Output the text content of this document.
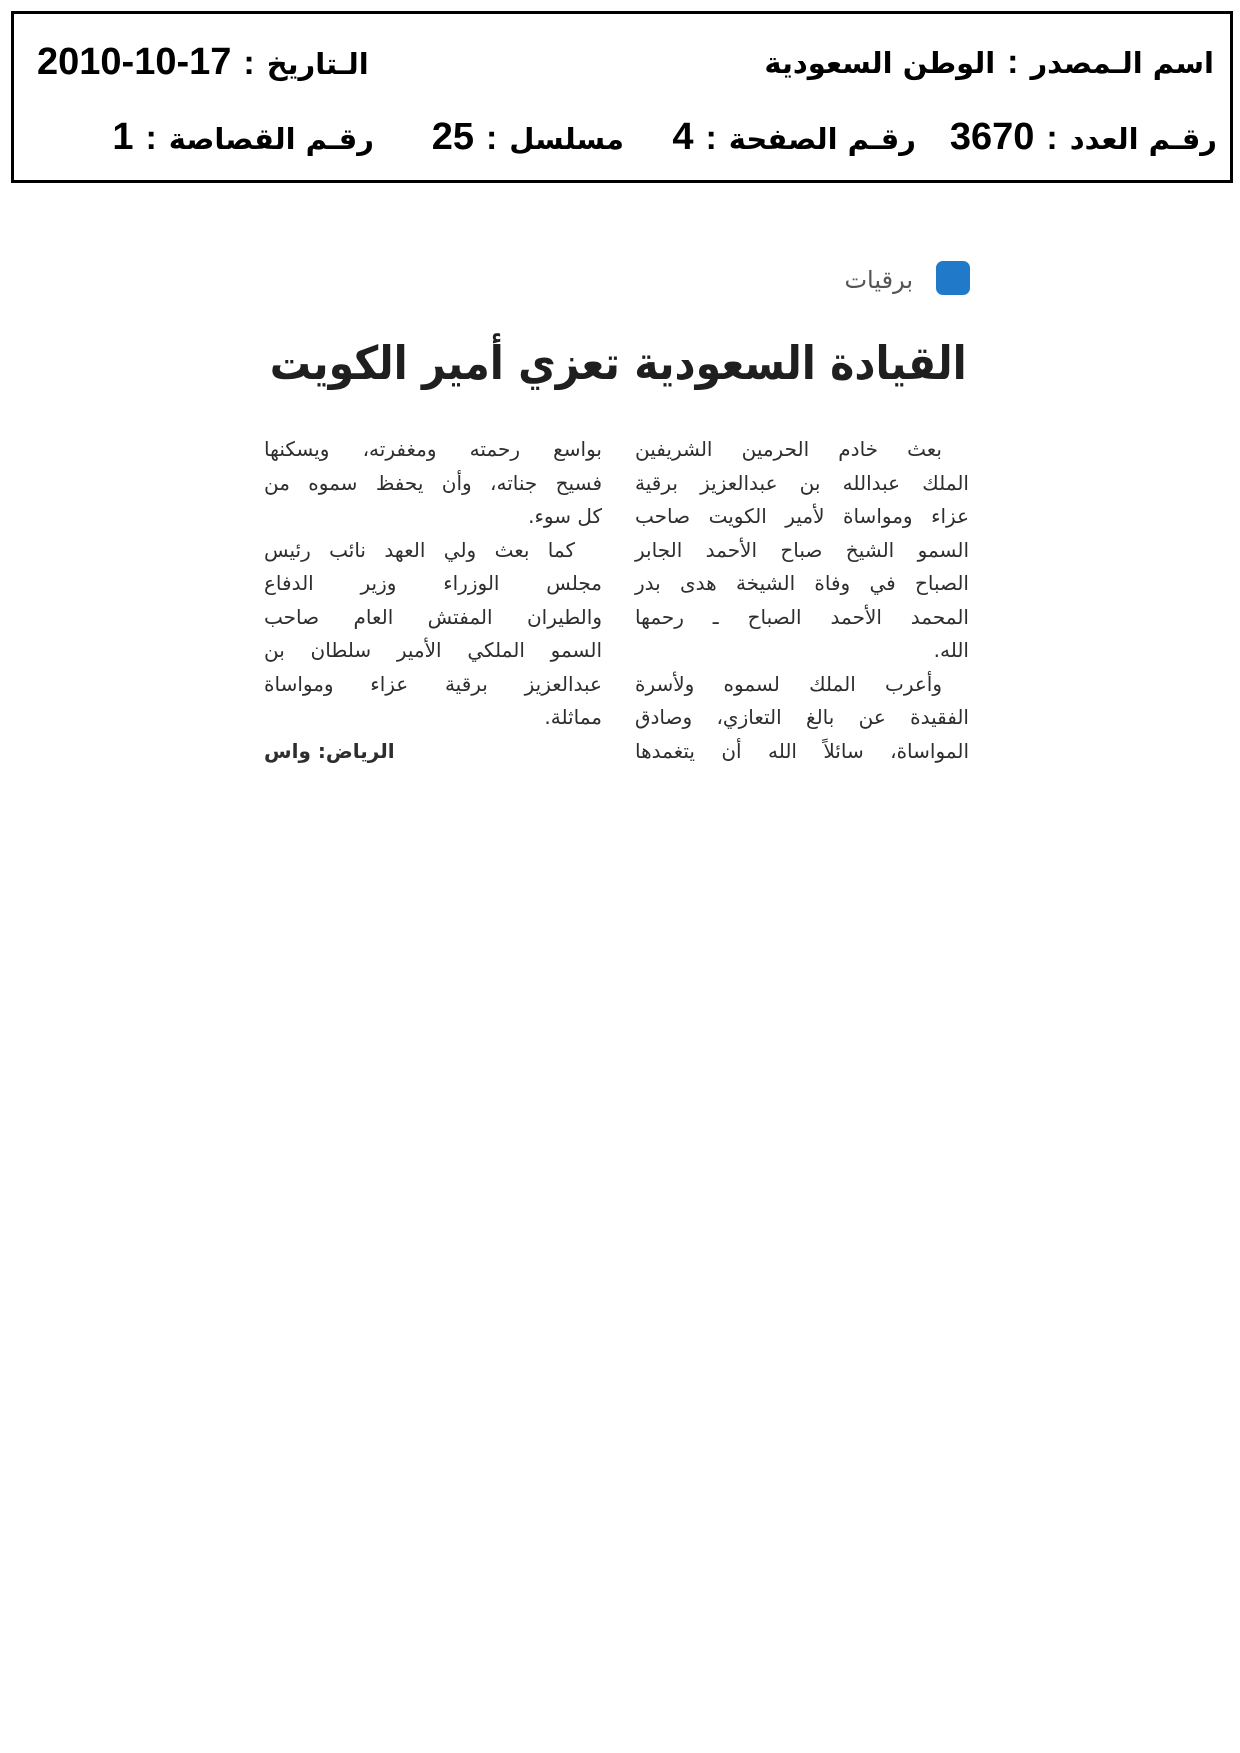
اسم الـمصدر
:
الوطن السعودية
الـتاريخ
:
2010-10-17
رقـم العدد
:
3670
رقـم الصفحة
:
4
مسلسل
:
25
رقـم القصاصة
:
1
برقيات
القيادة السعودية تعزي أمير الكويت
بعث خادم الحرمين الشريفين
الملك عبدالله بن عبدالعزيز برقية
عزاء ومواساة لأمير الكويت صاحب
السمو الشيخ صباح الأحمد الجابر
الصباح في وفاة الشيخة هدى بدر
المحمد الأحمد الصباح ـ رحمها
الله.
وأعرب الملك لسموه ولأسرة
الفقيدة عن بالغ التعازي، وصادق
المواساة، سائلاً الله أن يتغمدها
بواسع رحمته ومغفرته، ويسكنها
فسيح جناته، وأن يحفظ سموه من
كل سوء.
كما بعث ولي العهد نائب رئيس
مجلس الوزراء وزير الدفاع
والطيران المفتش العام صاحب
السمو الملكي الأمير سلطان بن
عبدالعزيز برقية عزاء ومواساة
مماثلة.
الرياض: واس
